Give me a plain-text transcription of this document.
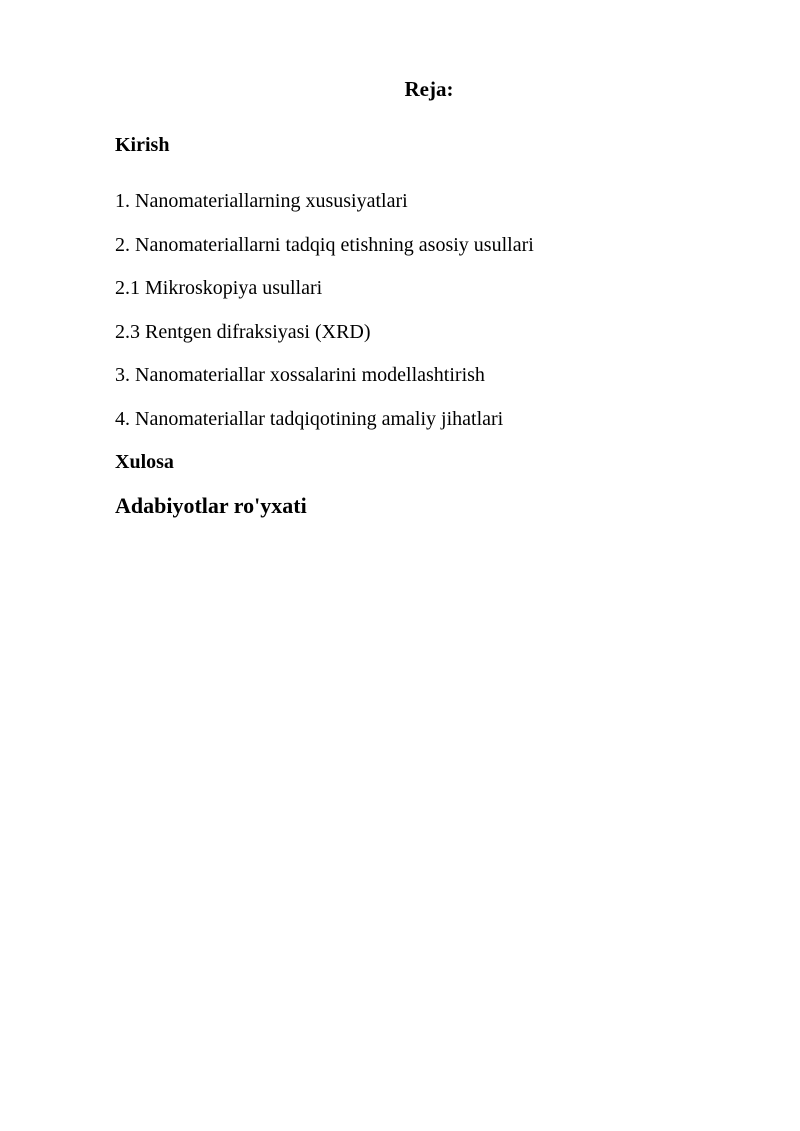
Reja:
Kirish
1. Nanomateriallarning xususiyatlari
2. Nanomateriallarni tadqiq etishning asosiy usullari
2.1 Mikroskopiya usullari
2.3 Rentgen difraksiyasi (XRD)
3. Nanomateriallar xossalarini modellashtirish
4. Nanomateriallar tadqiqotining amaliy jihatlari
Xulosa
Adabiyotlar ro'yxati
